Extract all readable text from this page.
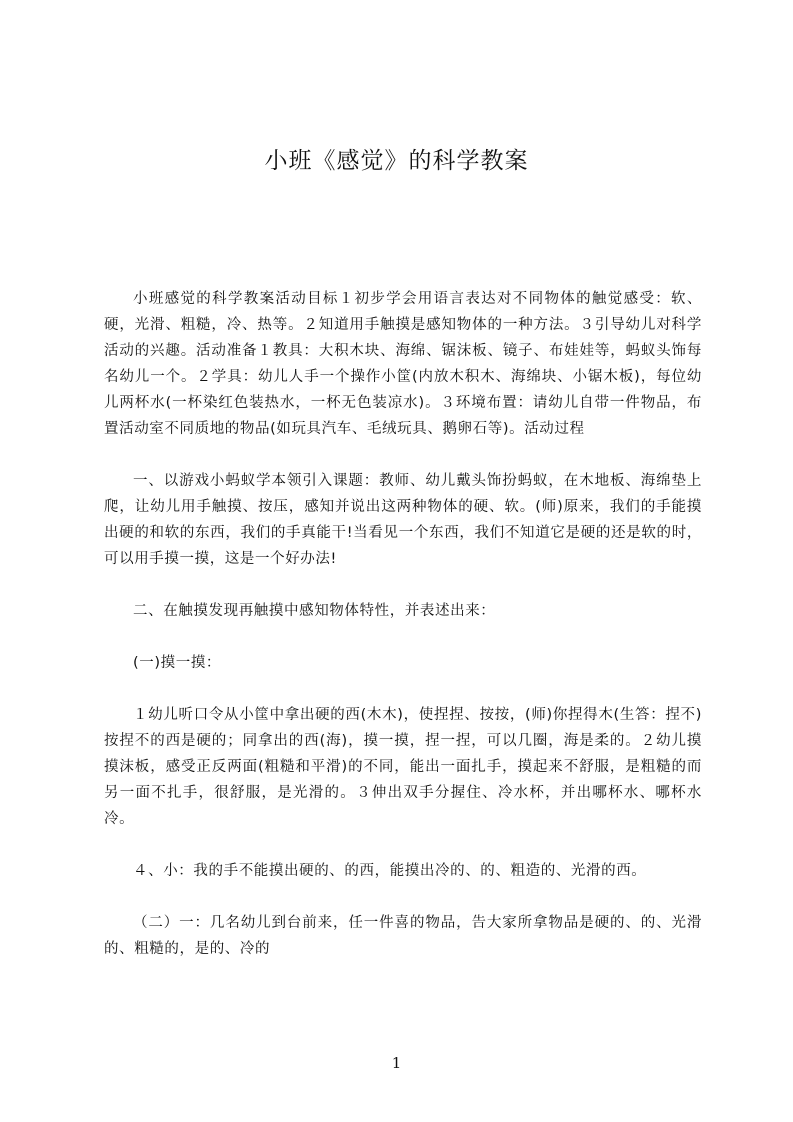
小班《感觉》的科学教案

小班感觉的科学教案活动目标１初步学会用语言表达对不同物体的触觉感受：软、硬，光滑、粗糙，冷、热等。２知道用手触摸是感知物体的一种方法。３引导幼儿对科学活动的兴趣。活动准备１教具：大积木块、海绵、锯沫板、镜子、布娃娃等，蚂蚁头饰每名幼儿一个。２学具：幼儿人手一个操作小筐(内放木积木、海绵块、小锯木板)，每位幼儿两杯水(一杯染红色装热水，一杯无色装凉水)。３环境布置：请幼儿自带一件物品，布置活动室不同质地的物品(如玩具汽车、毛绒玩具、鹅卵石等)。活动过程

一、以游戏小蚂蚁学本领引入课题：教师、幼儿戴头饰扮蚂蚁，在木地板、海绵垫上爬，让幼儿用手触摸、按压，感知并说出这两种物体的硬、软。(师)原来，我们的手能摸出硬的和软的东西，我们的手真能干!当看见一个东西，我们不知道它是硬的还是软的时，可以用手摸一摸，这是一个好办法!

二、在触摸发现再触摸中感知物体特性，并表述出来：

(一)摸一摸：

１幼儿听口令从小筐中拿出硬的西(木木)，使捏捏、按按，(师)你捏得木(生答：捏不)按捏不的西是硬的；同拿出的西(海)，摸一摸，捏一捏，可以几圈，海是柔的。２幼儿摸摸沫板，感受正反两面(粗糙和平滑)的不同，能出一面扎手，摸起来不舒服，是粗糙的而另一面不扎手，很舒服，是光滑的。３伸出双手分握住、冷水杯，并出哪杯水、哪杯水冷。

４、小：我的手不能摸出硬的、的西，能摸出冷的、的、粗造的、光滑的西。

（二）一：几名幼儿到台前来，任一件喜的物品，告大家所拿物品是硬的、的、光滑的、粗糙的，是的、冷的

1
